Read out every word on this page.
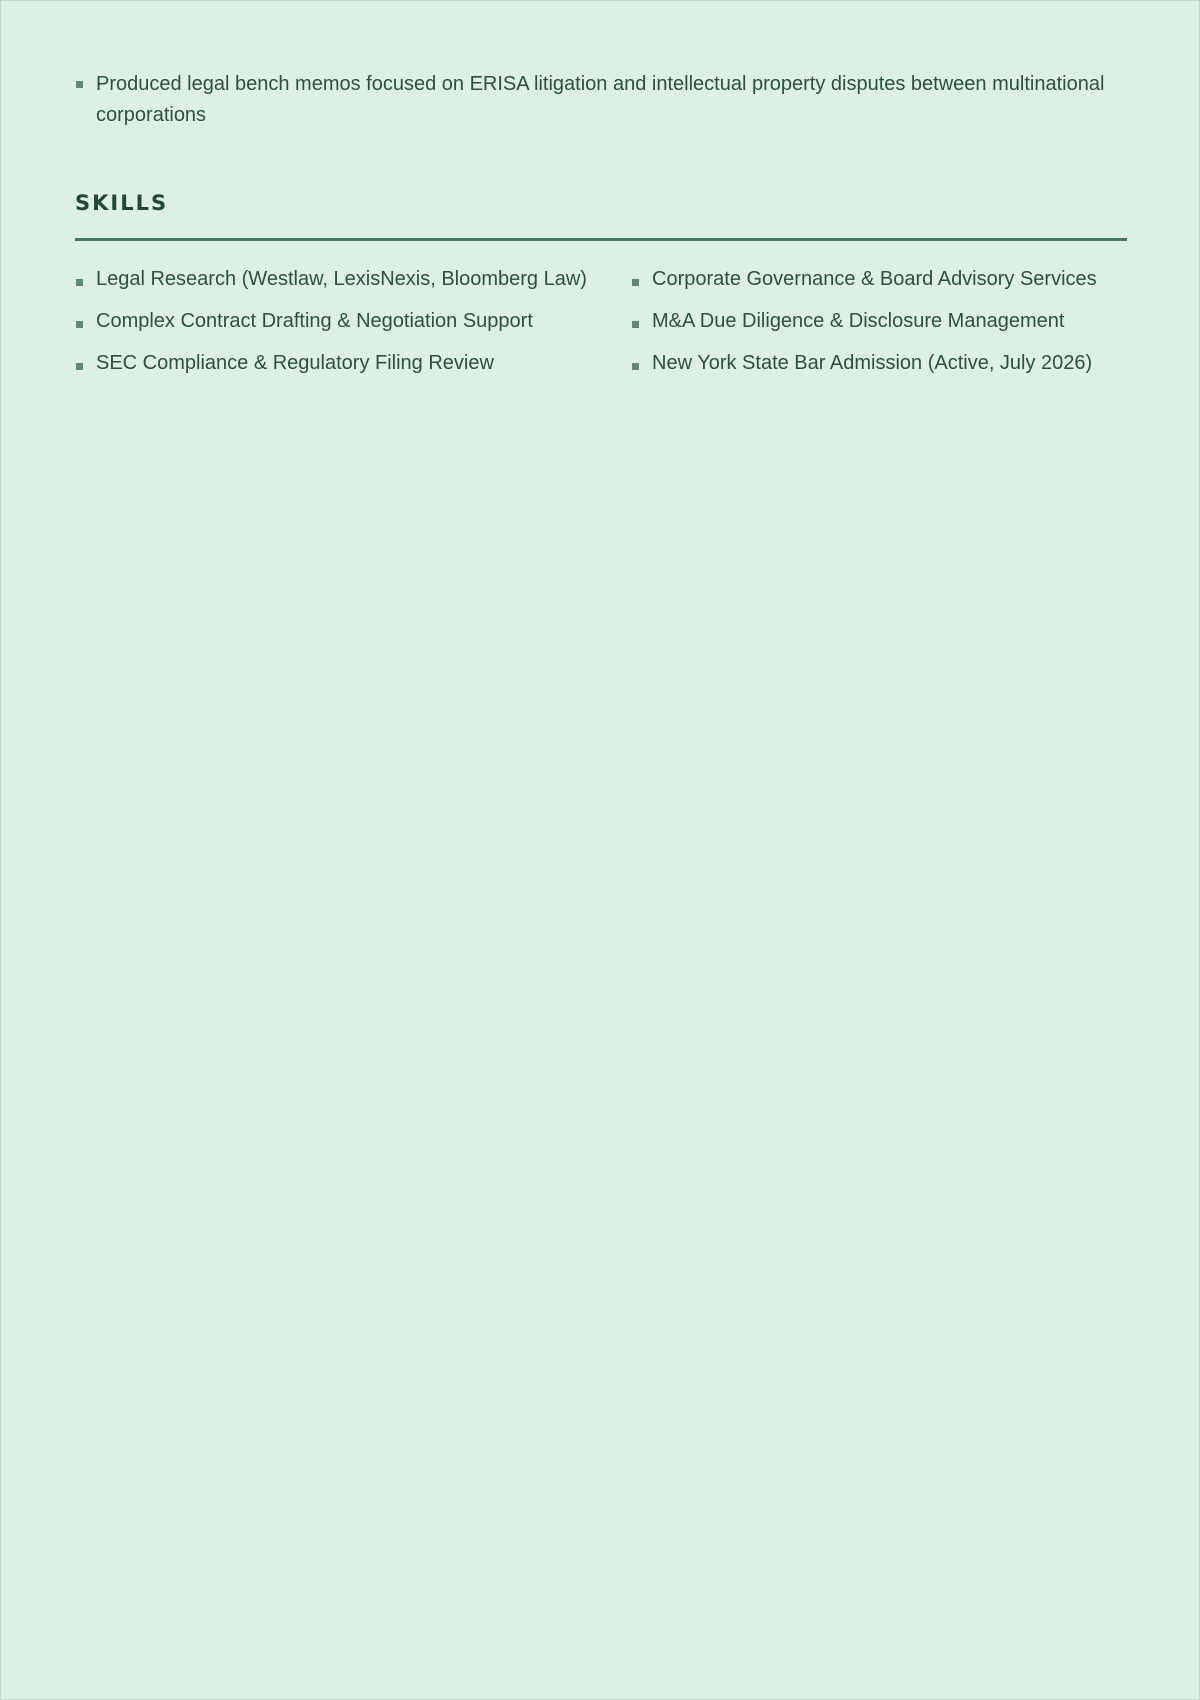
Produced legal bench memos focused on ERISA litigation and intellectual property disputes between multinational corporations
SKILLS
Legal Research (Westlaw, LexisNexis, Bloomberg Law)	Corporate Governance & Board Advisory Services
Complex Contract Drafting & Negotiation Support	M&A Due Diligence & Disclosure Management
SEC Compliance & Regulatory Filing Review	New York State Bar Admission (Active, July 2026)
